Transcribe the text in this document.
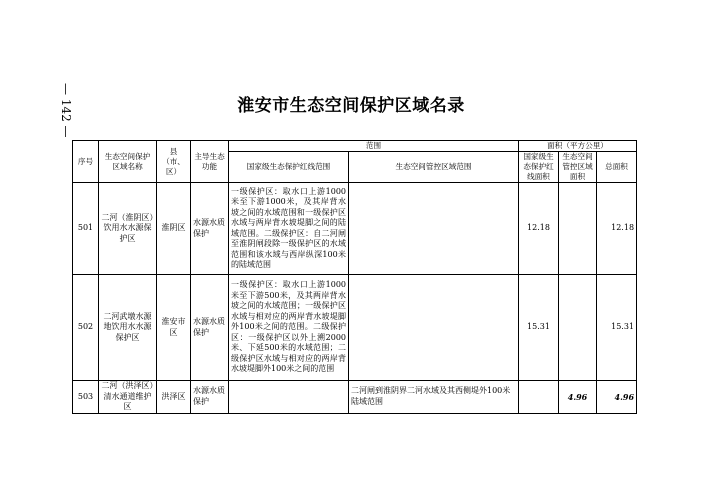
— 142 —	淮安市生态空间保护区域名录
序号	生态空间保护区域名称	县（市、区）	主导生态功能	范围		面积（平方公里）		
				国家级生态保护红线范围	生态空间管控区域范围	国家级生态保护红线面积	生态空间管控区域面积	总面积
501	二河（淮阴区）饮用水水源保护区	淮阴区	水源水质保护	一级保护区：取水口上游1000米至下游1000米，及其岸背水坡之间的水域范围和一级保护区水域与两岸背水坡堤脚之间的陆域范围。二级保护区：自二河闸至淮阴闸段除一级保护区的水域范围和该水域与西岸纵深100米的陆域范围		12.18		12.18
502	二河武墩水源地饮用水水源保护区	淮安市区	水源水质保护	一级保护区：取水口上游1000米至下游500米，及其两岸背水坡之间的水域范围；一级保护区水域与相对应的两岸背水坡堤脚外100米之间的范围。二级保护区：一级保护区以外上溯2000米、下延500米的水域范围；二级保护区水域与相对应的两岸背水坡堤脚外100米之间的范围		15.31		15.31
503	二河（洪泽区）清水通道维护区	洪泽区	水源水质保护		二河闸到淮阴界二河水域及其西侧堤外100米陆域范围		4.96	4.96
